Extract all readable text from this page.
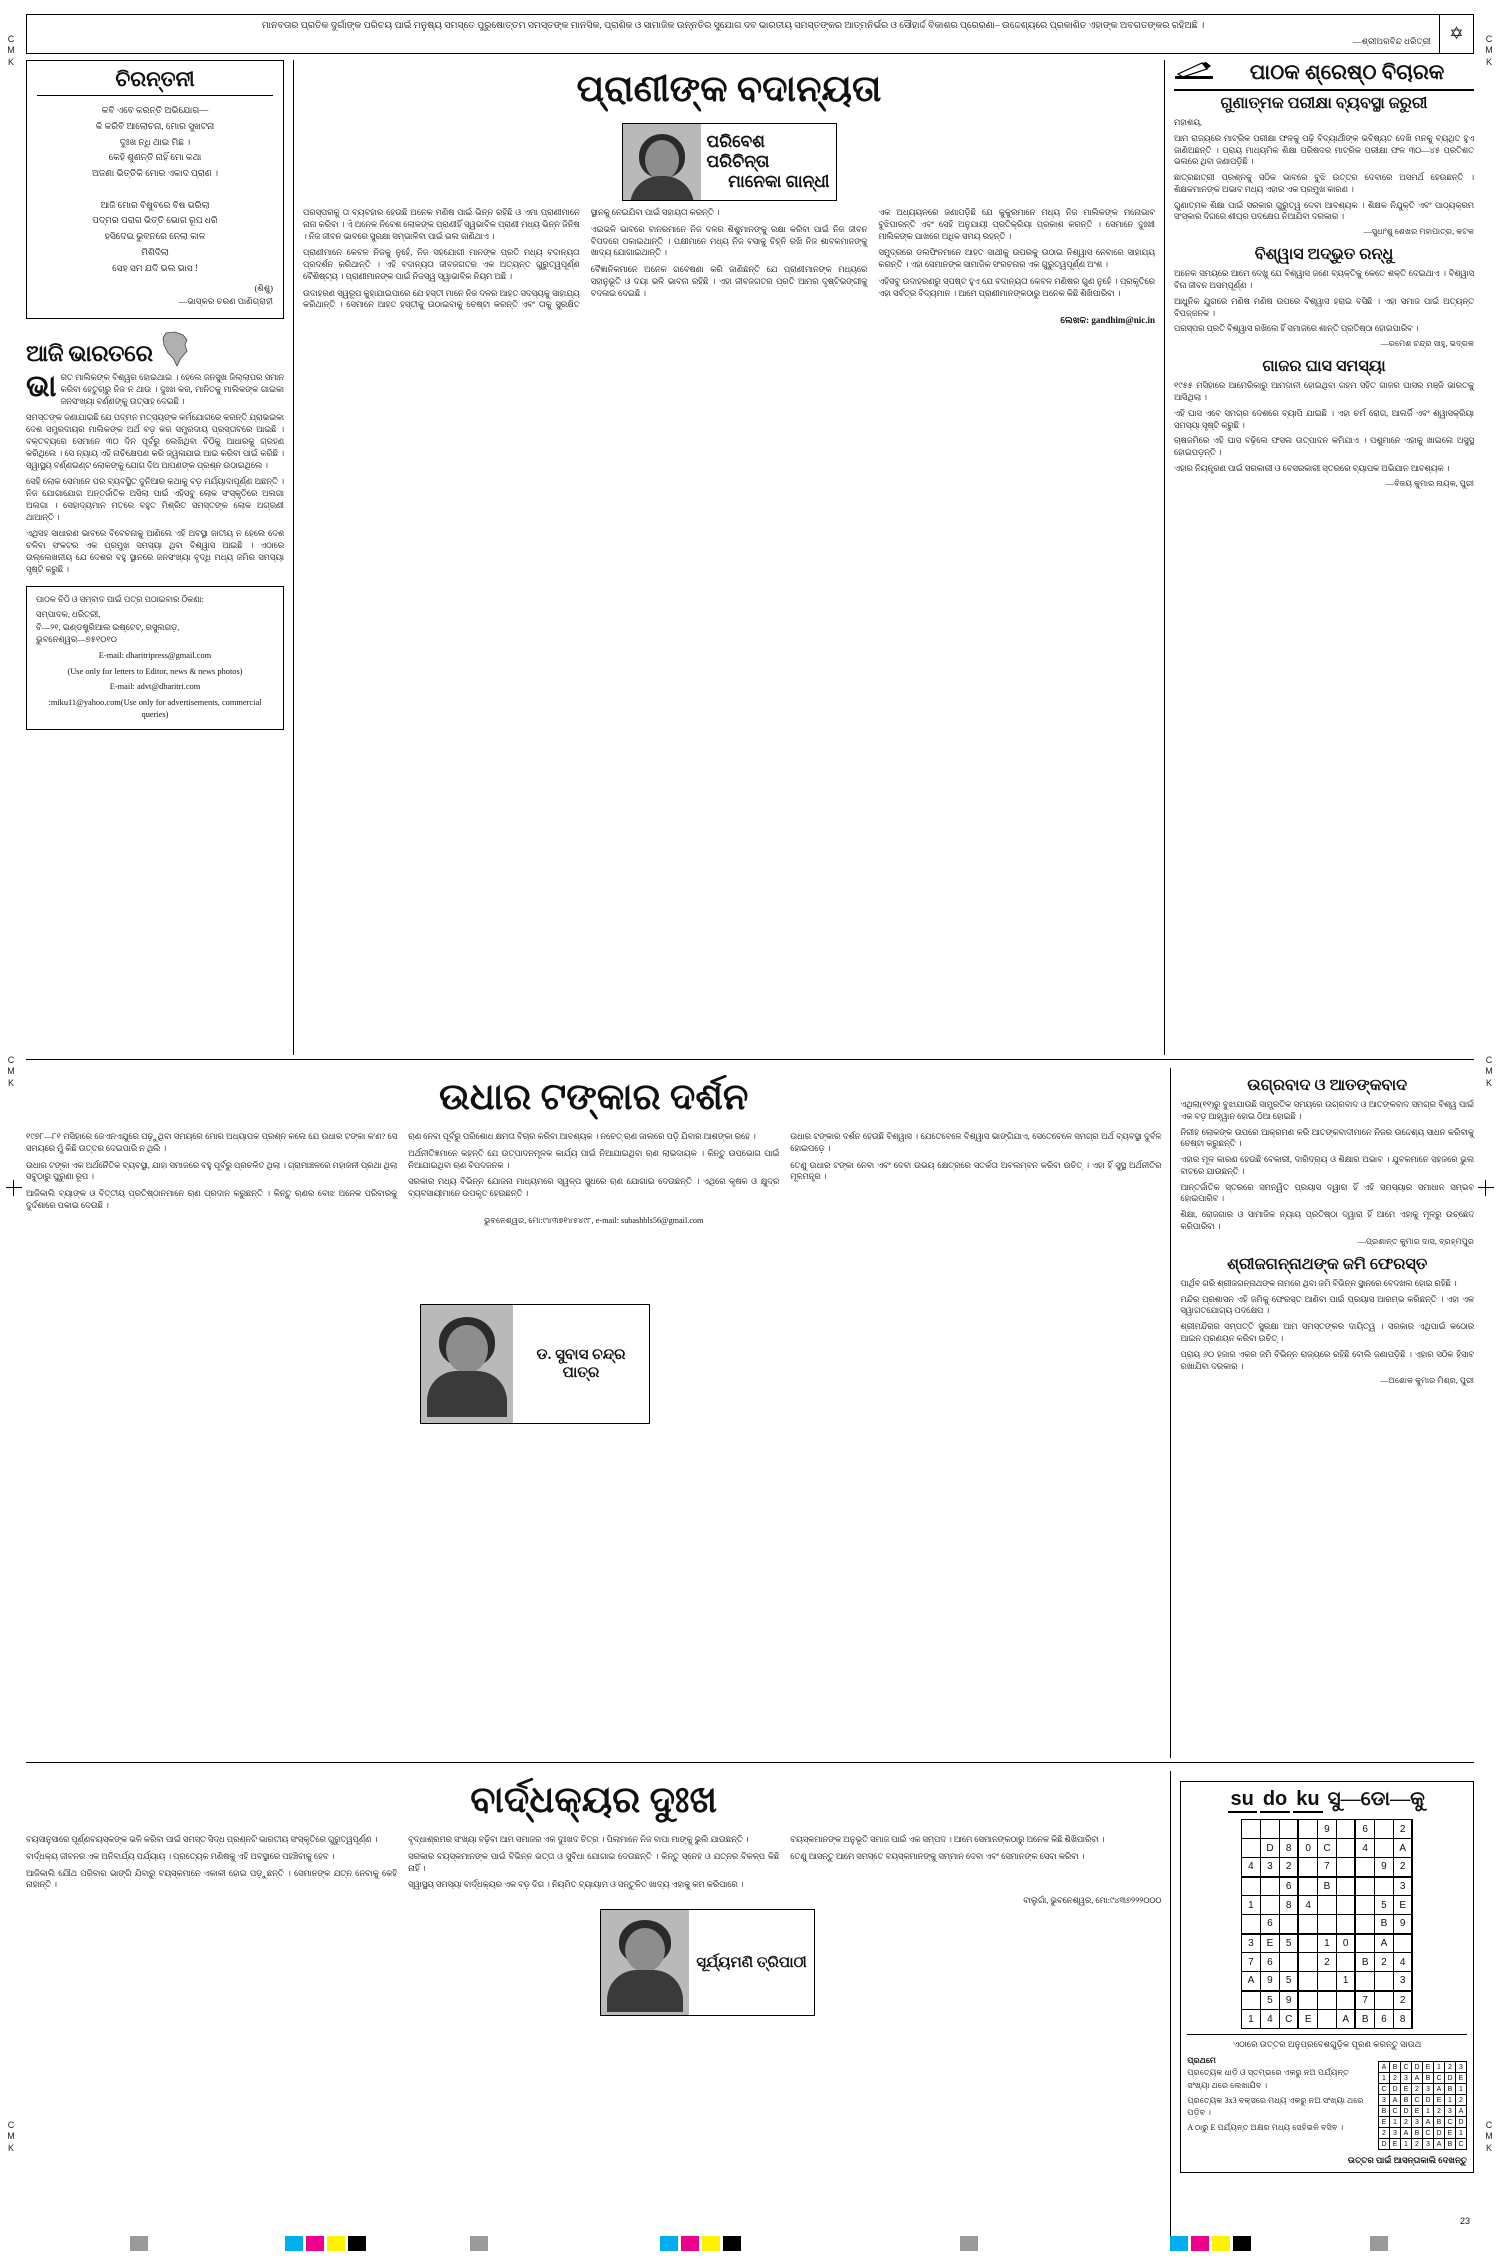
C
M
K
C
M
K
C
M
K
C
M
K
C
M
K
C
M
K
ମାନବତାର ପ୍ରତିକ ଦୁର୍ଗାଙ୍କ ପରିଚୟ ପାଇଁ ମନୁଷ୍ୟ ସମସ୍ତେ ପୁରୁଷୋତ୍ତମ ସମସ୍ତଙ୍କ ମାନସିକ, ପ୍ରାଶିକ ଓ ସାମାଜିକ ଉନ୍ନତିର ସୁଯୋଗ ଦବ ଭାରତୀୟ ସମସ୍ତଙ୍କର ଆତ୍ମନିର୍ଭର ଓ ସୌହାର୍ଦ୍ଦ ବିକାଶର ପ୍ରେରଣା– ଉଦ୍ଦେଶ୍ୟରେ ପ୍ରକାଶିତ ଏହାଙ୍କ ଅବଗତଙ୍କର ରହିଅଛି ।
—ଶ୍ରୀଅରବିନ୍ଦ ଧରିତ୍ରୀ	✡
ଚିରନ୍ତନୀ
କବି ଏବେ କରନ୍ତି ଅଭିଯୋଗ—
କି କରିବି ଆଲୋଚନା, ମୋର ସୁଖଟନା
ଦୁଃଖ ନ୍ଧି ଥାଇ ମିଛ ।
କେହି ଶୁଣନ୍ତି ନାହିଁ ମୋ କଥା
ଅଜଣା ଭିତ୍ତିକି ମୋର ଏକାଦ ପ୍ରାଣ ।

ଆଜି ମୋର ବିଷୁବରେ ବିଷ ଭରିଲା
ପଦ୍ମର ପରାଗ ଭିତ୍ତି ଭୋଗ ରୂପ ଧରି
ହସିଦେଇ ଭୁବନରେ ନେଲା କାଳ
ମିଶିଦିଲା
ସେହ ସମ ଯଦି ଭଲ ଭାସ !
(ଶିଶୁ)
—ଭାସ୍କର ଚରଣ ପାଣିଗ୍ରାହୀ
ଆଜି ଭାରତରେ

ଭାରତ ମାଲିକଙ୍କ ବିଶ୍ୱର ହୋଇଥାଇ । ହେଲେ ଜନସୁଖ ଜିଲ୍ଲାପର ସମାନ କରିବା ହେତୁଚାରୁ ନିଜ ନ ଥାଉ । ଦୁଃଖ କର, ମାନିତକୁ ମାଲିକଙ୍କ ଗାଇକା ଜନସଂଖ୍ୟା ବର୍ଣ୍ଣଙ୍କୁ ଉତ୍ସାହ ଦେଇଛି ।

ସମସ୍ତଙ୍କ ଜଣାଯାଇଛି ଯେ ପଦ୍ମନ ମତ୍ସ୍ୟଙ୍କ କର୍ମଯୋଗରେ କରନ୍ତି ଯ୍ରାଭଇକା ଦେଶ ସମ୍ପ୍ରଦାୟର ମାଲିକଙ୍କ ଅର୍ଥ ବଡ଼ କର ସମ୍ପ୍ରଦାୟ ପ୍ରସ୍ତାବରେ ଆଇଛି । ବକ୍ତବ୍ୟରେ ସେମାନେ ୩୦ ଦିନ ପୂର୍ବରୁ ଲେଖିଥିବା ଚିଠିକୁ ଆଧାରକୁ ଗ୍ରହଣ କରିଥିଲେ । ସେ ନ୍ୟାୟ ଏହି ନାଚିକ୍ଷେପଣ କରି ଜ୍ୱଳାଯାଇ ଆଇ କରିବା ପାଇଁ କରିଛି । ସ୍ୱାସ୍ଥ୍ୟ ବର୍ଣ୍ଣଇଣ୍ଟ ଲୋକଙ୍କୁ ଯୋଗ ଦିଅ ଆପଣଙ୍କ ପ୍ରଶ୍ନ ଉଠାଇଥିଲେ ।

ସେହି ଲୋକ ସେମାନେ ପର ବ୍ୟବସ୍ଥିତ ଦୁନିଆର କଥାକୁ ବଡ଼ ମର୍ଯ୍ୟାଦାପୂର୍ଣ୍ଣ ଅଛନ୍ତି । ନିଜ ଯୋଗାଯୋଗ ଅନ୍ତର୍ଜାତିକ ଅସିଲା ପାଇଁ ଏହିସବୁ ଲୋକ ସଂସ୍କୃତିରେ ଅଲଗା ଅଲଗା । ସେହାଦ୍ୟମାନ ମତରେ ବହୁତ ମିଶ୍ରିତ ସମସ୍ତଙ୍କ ଲୋକ ଅଗ୍ରଣୀ ଥାଆନ୍ତି ।

ଏଥିସହ ସାଧାରଣ ଭାବରେ ବିବେଚନାକୁ ଆଣିଲେ ଏହି ଅବସ୍ଥା ଜାତୀୟ ନ ହେଲେ ଦେଶ ଚଳିବା ସଂକଟର ଏକ ପ୍ରମୁଖ ସମସ୍ୟା ଥିବା ବିଶ୍ୱାସ ଆଇଛି । ଏଠାରେ ଉଲ୍ଲେଖନୀୟ ଯେ ଦେଶର ବହୁ ସ୍ଥାନରେ ଜନସଂଖ୍ୟା ବୃଦ୍ଧି ମଧ୍ୟ ଜମିର ସମସ୍ୟା ସୃଷ୍ଟି କରୁଛି ।

ପାଠକ ଚିଠି ଓ ସମ୍ବାଦ ପାଇଁ ପତ୍ର ପଠାଇବାର ଠିକଣା:
ସମ୍ପାଦକ, ଧରିତ୍ରୀ,
ବି—୨୧, ଇଣ୍ଡଷ୍ଟ୍ରିଆଲ ଇଷ୍ଟେଟ୍, ରସୁଲଗଡ଼,
ଭୁବନେଶ୍ୱର—୭୫୧୦୧୦
E-mail: dharitripress@gmail.com
(Use only for letters to Editor, news & news photos)
E-mail: advt@dharitri.com
:miku11@yahoo.com(Use only for advertisements, commercial queries)
ପ୍ରାଣୀଙ୍କ ବଦାନ୍ୟତା
ପରିବେଶ ପରିଚିନ୍ତା
ମାନେକା ଗାନ୍ଧୀ

ପରସ୍ପରକୁ ତା ବ୍ୟବହାର ହେଉଛି ଅନେକ ମଣିଷ ପାଇଁ ଭିନ୍ନ ରହିଛି ଓ ଏମା ପ୍ରାଣୀମାନେ ନାନା କରିବା । ଏଁ ଅନେକ ନିବେଶ ଲୋକଙ୍କ ପ୍ରାଣୀହିଁ ସ୍ୱଭାବିକ ପ୍ରାଣୀ ମଧ୍ୟ ଭିନ୍ନ ଜିନିଷ । ନିଜ ଜୀବନ ଭାବରେ ସୁରକ୍ଷା ସମ୍ଭାଳିବା ପାଇଁ ଭଲ ଜାଣିଥାଏ ।

ପ୍ରାଣୀମାନେ କେବଳ ନିଜକୁ ନୁହେଁ, ନିଜ ସହଯୋଗୀ ମାନଙ୍କ ପ୍ରତି ମଧ୍ୟ ବଦାନ୍ୟତା ପ୍ରଦର୍ଶନ କରିଥାନ୍ତି । ଏହି ବଦାନ୍ୟତା ଜୀବଜଗତର ଏକ ଅତ୍ୟନ୍ତ ଗୁରୁତ୍ୱପୂର୍ଣ୍ଣ ବୈଶିଷ୍ଟ୍ୟ । ପ୍ରାଣୀମାନଙ୍କ ପାଇଁ ନିଜସ୍ୱ ସ୍ୱାଭାବିକ ନିୟମ ଅଛି ।

ଉଦାହରଣ ସ୍ୱରୂପ କୁହାଯାଇପାରେ ଯେ ହସ୍ତୀ ମାନେ ନିଜ ଦଳର ଆହତ ସଦସ୍ୟକୁ ସାହାଯ୍ୟ କରିଥାନ୍ତି । ସେମାନେ ଆହତ ହସ୍ତୀକୁ ଉଠାଇବାକୁ ଚେଷ୍ଟା କରନ୍ତି ଏବଂ ତାକୁ ସୁରକ୍ଷିତ ସ୍ଥାନକୁ ନେଇଯିବା ପାଇଁ ସହାୟତା କରନ୍ତି ।

ଏଇଭଳି ଭାବରେ ବାନରମାନେ ନିଜ ଦଳର ଶିଶୁମାନଙ୍କୁ ରକ୍ଷା କରିବା ପାଇଁ ନିଜ ଜୀବନ ବିପଦରେ ପକାଇଥାନ୍ତି । ପକ୍ଷୀମାନେ ମଧ୍ୟ ନିଜ ବସାକୁ ଚିହ୍ନି ରଖି ନିଜ ଶାବକମାନଙ୍କୁ ଖାଦ୍ୟ ଯୋଗାଇଥାନ୍ତି ।

ବୈଜ୍ଞାନିକମାନେ ଅନେକ ଗବେଷଣା କରି ଜାଣିଛନ୍ତି ଯେ ପ୍ରାଣୀମାନଙ୍କ ମଧ୍ୟରେ ସହାନୁଭୂତି ଓ ଦୟା ଭଳି ଭାବନା ରହିଛି । ଏହା ଜୀବଜଗତର ପ୍ରତି ଆମର ଦୃଷ୍ଟିଭଙ୍ଗୀକୁ ବଦଳାଇ ଦେଇଛି ।

ଏକ ଅଧ୍ୟୟନରେ ଜଣାପଡ଼ିଛି ଯେ କୁକୁରମାନେ ମଧ୍ୟ ନିଜ ମାଲିକଙ୍କ ମନୋଭାବ ବୁଝିପାରନ୍ତି ଏବଂ ସେହି ଅନୁଯାୟୀ ପ୍ରତିକ୍ରିୟା ପ୍ରକାଶ କରନ୍ତି । ସେମାନେ ଦୁଃଖୀ ମାଲିକଙ୍କ ପାଖରେ ଅଧିକ ସମୟ ରହନ୍ତି ।

ସମୁଦ୍ରରେ ଡଲଫିନମାନେ ଆହତ ସାଥୀକୁ ଉପରକୁ ଉଠାଇ ନିଶ୍ୱାସ ନେବାରେ ସାହାଯ୍ୟ କରନ୍ତି । ଏହା ସେମାନଙ୍କ ସାମାଜିକ ସଂରଚନାର ଏକ ଗୁରୁତ୍ୱପୂର୍ଣ୍ଣ ଅଂଶ ।

ଏହିସବୁ ଉଦାହରଣରୁ ସ୍ପଷ୍ଟ ହୁଏ ଯେ ବଦାନ୍ୟତା କେବଳ ମଣିଷର ଗୁଣ ନୁହେଁ । ପ୍ରକୃତିରେ ଏହା ସର୍ବତ୍ର ବିଦ୍ୟମାନ । ଆମେ ପ୍ରାଣୀମାନଙ୍କଠାରୁ ଅନେକ କିଛି ଶିଖିପାରିବା ।

ଲେଖକ: gandhim@nic.in
ପାଠକ ଶ୍ରେଷ୍ଠ ବିଚାରକ
ଗୁଣାତ୍ମକ ପରୀକ୍ଷା ବ୍ୟବସ୍ଥା ଜରୁରୀ

ମହାଶୟ,

ଆମ ରାଜ୍ୟରେ ମାଟ୍ରିକ ପରୀକ୍ଷା ଫଳକୁ ପଢ଼ି ବିଦ୍ୟାର୍ଥୀଙ୍କ ଭବିଷ୍ୟତ ଦେଖି ମନକୁ ବ୍ୟଥିତ ହୁଏ ଜାଣିଅଛନ୍ତି । ପ୍ରାୟ ମାଧ୍ୟମିକ ଶିକ୍ଷା ପରିଷଦର ମାଟ୍ରିକ ପରୀକ୍ଷା ଫଳ ୩୦—୪୫ ପ୍ରତିଶତ ଭଲରେ ଥିବା ଜଣାପଡ଼ିଛି ।

ଛାତ୍ରଛାତ୍ରୀ ପ୍ରଶ୍ନକୁ ସଠିକ ଭାବରେ ବୁଝି ଉତ୍ତର ଦେବାରେ ଅସମର୍ଥ ହେଉଛନ୍ତି । ଶିକ୍ଷକମାନଙ୍କ ଅଭାବ ମଧ୍ୟ ଏହାର ଏକ ପ୍ରମୁଖ କାରଣ ।

ଗୁଣାତ୍ମକ ଶିକ୍ଷା ପାଇଁ ସରକାର ଗୁରୁତ୍ୱ ଦେବା ଆବଶ୍ୟକ । ଶିକ୍ଷକ ନିଯୁକ୍ତି ଏବଂ ପାଠ୍ୟକ୍ରମ ସଂସ୍କାର ଦିଗରେ ଶୀଘ୍ର ପଦକ୍ଷେପ ନିଆଯିବା ଦରକାର ।

—ସୁଧାଂଶୁ ଶେଖର ମହାପାତ୍ର, କଟକ
ବିଶ୍ୱାସ ଅଦ୍ଭୁତ ରନ୍ଧୁ

ଅନେକ ସମୟରେ ଆମେ ଦେଖୁ ଯେ ବିଶ୍ୱାସ ଜଣେ ବ୍ୟକ୍ତିକୁ କେତେ ଶକ୍ତି ଦେଇଥାଏ । ବିଶ୍ୱାସ ବିନା ଜୀବନ ଅସମ୍ପୂର୍ଣ୍ଣ ।

ଆଧୁନିକ ଯୁଗରେ ମଣିଷ ମଣିଷ ଉପରେ ବିଶ୍ୱାସ ହରାଇ ବସିଛି । ଏହା ସମାଜ ପାଇଁ ଅତ୍ୟନ୍ତ ବିପଜ୍ଜନକ ।

ପରସ୍ପର ପ୍ରତି ବିଶ୍ୱାସ ରଖିଲେ ହିଁ ସମାଜରେ ଶାନ୍ତି ପ୍ରତିଷ୍ଠା ହୋଇପାରିବ ।

—ରମେଶ ଚନ୍ଦ୍ର ସାହୁ, ଭଦ୍ରକ
ଗାଜର ଘାସ ସମସ୍ୟା

୧୯୫୫ ମସିହାରେ ଆମେରିକାରୁ ଆମଦାନୀ ହୋଇଥିବା ଗହମ ସହିତ ଗାଜର ଘାସର ମଞ୍ଜି ଭାରତକୁ ଆସିଥିଲା ।

ଏହି ଘାସ ଏବେ ସମଗ୍ର ଦେଶରେ ବ୍ୟାପି ଯାଇଛି । ଏହା ଚର୍ମ ରୋଗ, ଆଲର୍ଜି ଏବଂ ଶ୍ୱାସକ୍ରିୟା ସମସ୍ୟା ସୃଷ୍ଟି କରୁଛି ।

ଚାଷଜମିରେ ଏହି ଘାସ ବଢ଼ିଲେ ଫସଲ ଉତ୍ପାଦନ କମିଯାଏ । ପଶୁମାନେ ଏହାକୁ ଖାଇଲେ ଅସୁସ୍ଥ ହୋଇପଡ଼ନ୍ତି ।

ଏହାର ନିୟନ୍ତ୍ରଣ ପାଇଁ ସରକାରୀ ଓ ବେସରକାରୀ ସ୍ତରରେ ବ୍ୟାପକ ଅଭିଯାନ ଆବଶ୍ୟକ ।

—ବିଜୟ କୁମାର ନାୟକ, ପୁରୀ
ଉଧାର ଟଙ୍କାର ଦର୍ଶନ

୧୯୭୮—୮୧ ମସିହାରେ ଜେଏନଏଯୁରେ ପଢ଼ୁଥିବା ସମୟରେ ମୋର ଅଧ୍ୟାପକ ପ୍ରଶ୍ନ କଲେ ଯେ ଉଧାର ଟଙ୍କା କ'ଣ? ସେ ସମୟରେ ମୁଁ କିଛି ଉତ୍ତର ଦେଇପାରି ନ ଥିଲି ।

ଉଧାର ଟଙ୍କା ଏକ ଅର୍ଥନୈତିକ ବ୍ୟବସ୍ଥା, ଯାହା ସମାଜରେ ବହୁ ପୂର୍ବରୁ ପ୍ରଚଳିତ ଥିଲା । ଗ୍ରାମାଞ୍ଚଳରେ ମହାଜନୀ ପ୍ରଥା ଥିଲା ସବୁଠାରୁ ପୁରୁଣା ରୂପ ।

ଆଜିକାଲି ବ୍ୟାଙ୍କ ଓ ବିତ୍ତୀୟ ପ୍ରତିଷ୍ଠାନମାନେ ଋଣ ପ୍ରଦାନ କରୁଛନ୍ତି । କିନ୍ତୁ ଋଣର ବୋଝ ଅନେକ ପରିବାରକୁ ଦୁର୍ଦ୍ଦଶାରେ ପକାଇ ଦେଉଛି ।

ଋଣ ନେବା ପୂର୍ବରୁ ପରିଶୋଧ କ୍ଷମତା ବିଚାର କରିବା ଆବଶ୍ୟକ । ନଚେତ୍ ଋଣ ଜାଲରେ ପଡ଼ି ଯିବାର ଆଶଙ୍କା ରହେ ।

ଅର୍ଥନୀତିଜ୍ଞମାନେ କହନ୍ତି ଯେ ଉତ୍ପାଦନମୂଳକ କାର୍ଯ୍ୟ ପାଇଁ ନିଆଯାଇଥିବା ଋଣ ଲାଭଦାୟକ । କିନ୍ତୁ ଉପଭୋଗ ପାଇଁ ନିଆଯାଇଥିବା ଋଣ ବିପଦଜନକ ।

ସରକାର ମଧ୍ୟ ବିଭିନ୍ନ ଯୋଜନା ମାଧ୍ୟମରେ ସ୍ୱଳ୍ପ ସୁଧରେ ଋଣ ଯୋଗାଇ ଦେଉଛନ୍ତି । ଏଥିରେ କୃଷକ ଓ କ୍ଷୁଦ୍ର ବ୍ୟବସାୟୀମାନେ ଉପକୃତ ହେଉଛନ୍ତି ।

ଉଧାର ଟଙ୍କାର ଦର୍ଶନ ହେଉଛି ବିଶ୍ୱାସ । ଯେତେବେଳେ ବିଶ୍ୱାସ ଭାଙ୍ଗିଯାଏ, ସେତେବେଳେ ସମଗ୍ର ଅର୍ଥ ବ୍ୟବସ୍ଥା ଦୁର୍ବଳ ହୋଇପଡ଼େ ।

ତେଣୁ ଉଧାର ଟଙ୍କା ନେବା ଏବଂ ଦେବା ଉଭୟ କ୍ଷେତ୍ରରେ ସତର୍କତା ଅବଲମ୍ବନ କରିବା ଉଚିତ୍ । ଏହା ହିଁ ସୁସ୍ଥ ଅର୍ଥନୀତିର ମୂଳମନ୍ତ୍ର ।

ଭୁବନେଶ୍ୱର, ମୋ:୯୪୩୭୧୪୫୪୯୮, e-mail: subashbls56@gmail.com
ଡ. ସୁବାସ ଚନ୍ଦ୍ର ପାତ୍ର
ଉଗ୍ରବାଦ ଓ ଆତଙ୍କବାଦ

ଏଥିଲା(୧୧)ରୁ ବୁଝାଯାଉଛି ସାମ୍ପ୍ରତିକ ସମୟରେ ଉଗ୍ରବାଦ ଓ ଆତଙ୍କବାଦ ସମଗ୍ର ବିଶ୍ୱ ପାଇଁ ଏକ ବଡ଼ ଆହ୍ୱାନ ହୋଇ ଠିଆ ହୋଇଛି ।

ନିରୀହ ଲୋକଙ୍କ ଉପରେ ଆକ୍ରମଣ କରି ଆତଙ୍କବାଦୀମାନେ ନିଜର ଉଦ୍ଦେଶ୍ୟ ସାଧନ କରିବାକୁ ଚେଷ୍ଟା କରୁଛନ୍ତି ।

ଏହାର ମୂଳ କାରଣ ହେଉଛି ବେକାରୀ, ଦାରିଦ୍ର୍ୟ ଓ ଶିକ୍ଷାର ଅଭାବ । ଯୁବକମାନେ ସହଜରେ ଭୁଲ ବାଟରେ ଯାଉଛନ୍ତି ।

ଆନ୍ତର୍ଜାତିକ ସ୍ତରରେ ସମନ୍ୱିତ ପ୍ରୟାସ ଦ୍ୱାରା ହିଁ ଏହି ସମସ୍ୟାର ସମାଧାନ ସମ୍ଭବ ହୋଇପାରିବ ।

ଶିକ୍ଷା, ରୋଜଗାର ଓ ସାମାଜିକ ନ୍ୟାୟ ପ୍ରତିଷ୍ଠା ଦ୍ୱାରା ହିଁ ଆମେ ଏହାକୁ ମୂଳରୁ ଉଚ୍ଛେଦ କରିପାରିବା ।

—ପ୍ରଶାନ୍ତ କୁମାର ଦାସ, ବ୍ରହ୍ମପୁର
ଶ୍ରୀଜଗନ୍ନାଥଙ୍କ ଜମି ଫେରସ୍ତ

ପାର୍ଥିବ ଗରି ଶ୍ରୀଜଗନ୍ନାଥଙ୍କ ନାମରେ ଥିବା ଜମି ବିଭିନ୍ନ ସ୍ଥାନରେ ବେଦଖଲ ହୋଇ ରହିଛି ।

ମନ୍ଦିର ପ୍ରଶାସନ ଏହି ଜମିକୁ ଫେରସ୍ତ ଆଣିବା ପାଇଁ ପ୍ରୟାସ ଆରମ୍ଭ କରିଛନ୍ତି । ଏହା ଏକ ସ୍ୱାଗତଯୋଗ୍ୟ ପଦକ୍ଷେପ ।

ଶ୍ରୀମନ୍ଦିରର ସମ୍ପତ୍ତି ସୁରକ୍ଷା ଆମ ସମସ୍ତଙ୍କର ଦାୟିତ୍ୱ । ସରକାର ଏଥିପାଇଁ କଠୋର ଆଇନ ପ୍ରଣୟନ କରିବା ଉଚିତ୍ ।

ପ୍ରାୟ ୬୦ ହଜାର ଏକର ଜମି ବିଭିନ୍ନ ରାଜ୍ୟରେ ରହିଛି ବୋଲି ଜଣାପଡ଼ିଛି । ଏହାର ସଠିକ ହିସାବ ରଖାଯିବା ଦରକାର ।

—ଅଶୋକ କୁମାର ମିଶ୍ର, ପୁରୀ
ବାର୍ଦ୍ଧକ୍ୟର ଦୁଃଖ

ବୟସାନୁସାରେ ପୂର୍ଣ୍ଣବୟସ୍କଙ୍କ ଭଳି କରିବା ପାଇଁ ସମସ୍ତ ସିଦ୍ଧ ପ୍ରଶ୍ନଟି ଭାରତୀୟ ସଂସ୍କୃତିରେ ଗୁରୁତ୍ୱପୂର୍ଣ୍ଣ ।

ବାର୍ଦ୍ଧକ୍ୟ ଜୀବନର ଏକ ଅନିବାର୍ଯ୍ୟ ପର୍ଯ୍ୟାୟ । ପ୍ରତ୍ୟେକ ମଣିଷକୁ ଏହି ଅବସ୍ଥାରେ ପହଞ୍ଚିବାକୁ ହେବ ।

ଆଜିକାଲି ଯୌଥ ପରିବାର ଭାଙ୍ଗି ଯିବାରୁ ବୟସ୍କମାନେ ଏକାକୀ ହୋଇ ପଡ଼ୁଛନ୍ତି । ସେମାନଙ୍କ ଯତ୍ନ ନେବାକୁ କେହି ନାହାନ୍ତି ।

ବୃଦ୍ଧାଶ୍ରମର ସଂଖ୍ୟା ବଢ଼ିବା ଆମ ସମାଜର ଏକ ଦୁଃଖଦ ଚିତ୍ର । ପିଲାମାନେ ନିଜ ବାପା ମାଙ୍କୁ ଭୁଲି ଯାଉଛନ୍ତି ।

ସରକାର ବୟସ୍କମାନଙ୍କ ପାଇଁ ବିଭିନ୍ନ ଭତ୍ତା ଓ ସୁବିଧା ଯୋଗାଇ ଦେଉଛନ୍ତି । କିନ୍ତୁ ସ୍ନେହ ଓ ଯତ୍ନର ବିକଳ୍ପ କିଛି ନାହିଁ ।

ସ୍ୱାସ୍ଥ୍ୟ ସମସ୍ୟା ବାର୍ଦ୍ଧକ୍ୟର ଏକ ବଡ଼ ଦିଗ । ନିୟମିତ ବ୍ୟାୟାମ ଓ ସନ୍ତୁଳିତ ଖାଦ୍ୟ ଏହାକୁ କମ କରିପାରେ ।

ବୟସ୍କମାନଙ୍କ ଅନୁଭୂତି ସମାଜ ପାଇଁ ଏକ ସମ୍ପଦ । ଆମେ ସେମାନଙ୍କଠାରୁ ଅନେକ କିଛି ଶିଖିପାରିବା ।

ତେଣୁ ଆସନ୍ତୁ ଆମେ ସମସ୍ତେ ବୟସ୍କମାନଙ୍କୁ ସମ୍ମାନ ଦେବା ଏବଂ ସେମାନଙ୍କ ସେବା କରିବା ।

ବାଲୁଗାଁ, ଭୁବନେଶ୍ୱର, ମୋ:୯୪୩୭୨୨୨୦୦୦
ସୂର୍ଯ୍ୟମଣି ତ୍ରିପାଠୀ
su do ku ସୁ—ଡୋ—କୁ
				9		6		2
	D	8	0	C		4		A
4	3	2		7			9	2
		6		B				3
1		8	4				5	E
	6						B	9
3	E	5		1	0		A	
7	6			2		B	2	4
A	9	5			1			3
	5	9				7		2
1	4	C	E		A	B	6	8
ଏଠାରେ ଉତ୍ତର ଅନୁପ୍ରବେଶଗୁଡ଼ିକ ପୂରଣ କରନ୍ତୁ ସାଉଥ
ପ୍ରଥମେ

ପ୍ରତ୍ୟେକ ଧାଡ଼ି ଓ ସ୍ତମ୍ଭରେ ଏକରୁ ନଅ ପର୍ଯ୍ୟନ୍ତ ସଂଖ୍ୟା ଥରେ ଲେଖାଯିବ ।

ପ୍ରତ୍ୟେକ 3x3 ବକ୍ସରେ ମଧ୍ୟ ଏକରୁ ନଅ ସଂଖ୍ୟା ଥରେ ପଡ଼ିବ ।

A ଠାରୁ E ପର୍ଯ୍ୟନ୍ତ ଅକ୍ଷର ମଧ୍ୟ ସେହିଭଳି ବସିବ ।

A	B	C	D	E	1	2	3
1	2	3	A	B	C	D	E
C	D	E	2	3	A	B	1
3	A	B	C	D	E	1	2
B	C	D	E	1	2	3	A
E	1	2	3	A	B	C	D
2	3	A	B	C	D	E	1
D	E	1	2	3	A	B	C
ଉତ୍ତର ପାଇଁ ଆସନ୍ତାକାଲି ଦେଖନ୍ତୁ
23
